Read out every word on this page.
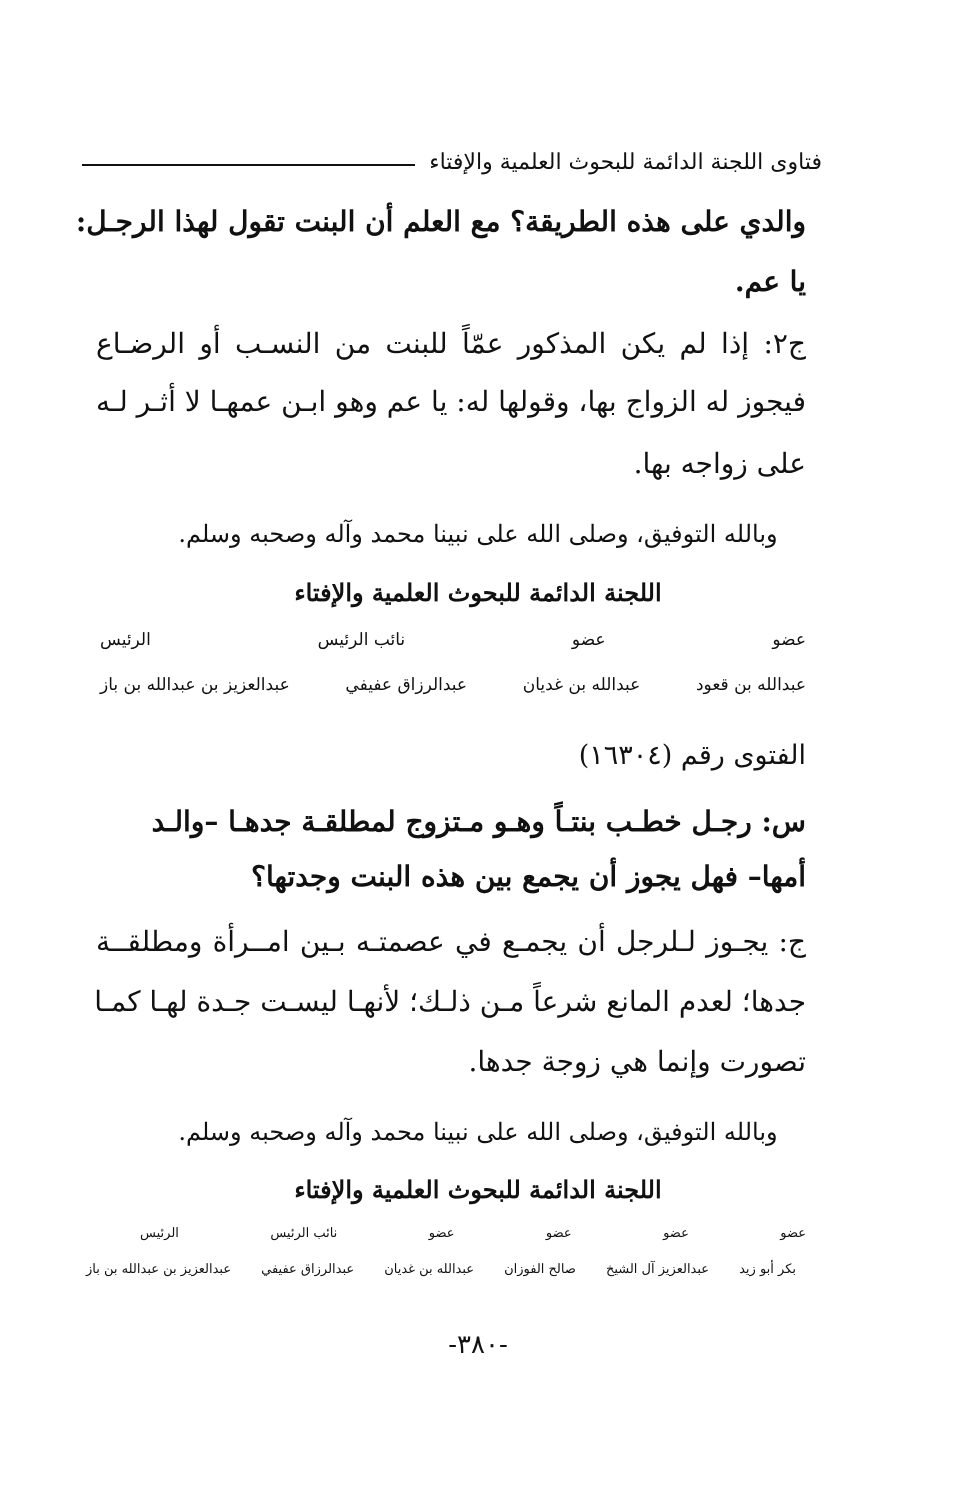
فتاوى اللجنة الدائمة للبحوث العلمية والإفتاء
والدي على هذه الطريقة؟ مع العلم أن البنت تقول لهذا الرجـل:
يا عم.
ج٢: إذا لم يكن المذكور عمّاً للبنت من النسـب أو الرضـاع
فيجوز له الزواج بها، وقولها له: يا عم وهو ابـن عمهـا لا أثـر لـه
على زواجه بها.
وبالله التوفيق، وصلى الله على نبينا محمد وآله وصحبه وسلم.
اللجنة الدائمة للبحوث العلمية والإفتاء
عضو
عضو
نائب الرئيس
الرئيس
عبدالله بن قعود
عبدالله بن غديان
عبدالرزاق عفيفي
عبدالعزيز بن عبدالله بن باز
الفتوى رقم (١٦٣٠٤)
س: رجـل خطـب بنتـاً وهـو مـتزوج لمطلقـة جدهـا –والـد
أمها– فهل يجوز أن يجمع بين هذه البنت وجدتها؟
ج: يجـوز لـلرجل أن يجمـع في عصمتـه بـين امــرأة ومطلقــة
جدها؛ لعدم المانع شرعاً مـن ذلـك؛ لأنهـا ليسـت جـدة لهـا كمـا
تصورت وإنما هي زوجة جدها.
وبالله التوفيق، وصلى الله على نبينا محمد وآله وصحبه وسلم.
اللجنة الدائمة للبحوث العلمية والإفتاء
عضو
عضو
عضو
عضو
نائب الرئيس
الرئيس
بكر أبو زيد
عبدالعزيز آل الشيخ
صالح الفوزان
عبدالله بن غديان
عبدالرزاق عفيفي
عبدالعزيز بن عبدالله بن باز
-٣٨٠-
